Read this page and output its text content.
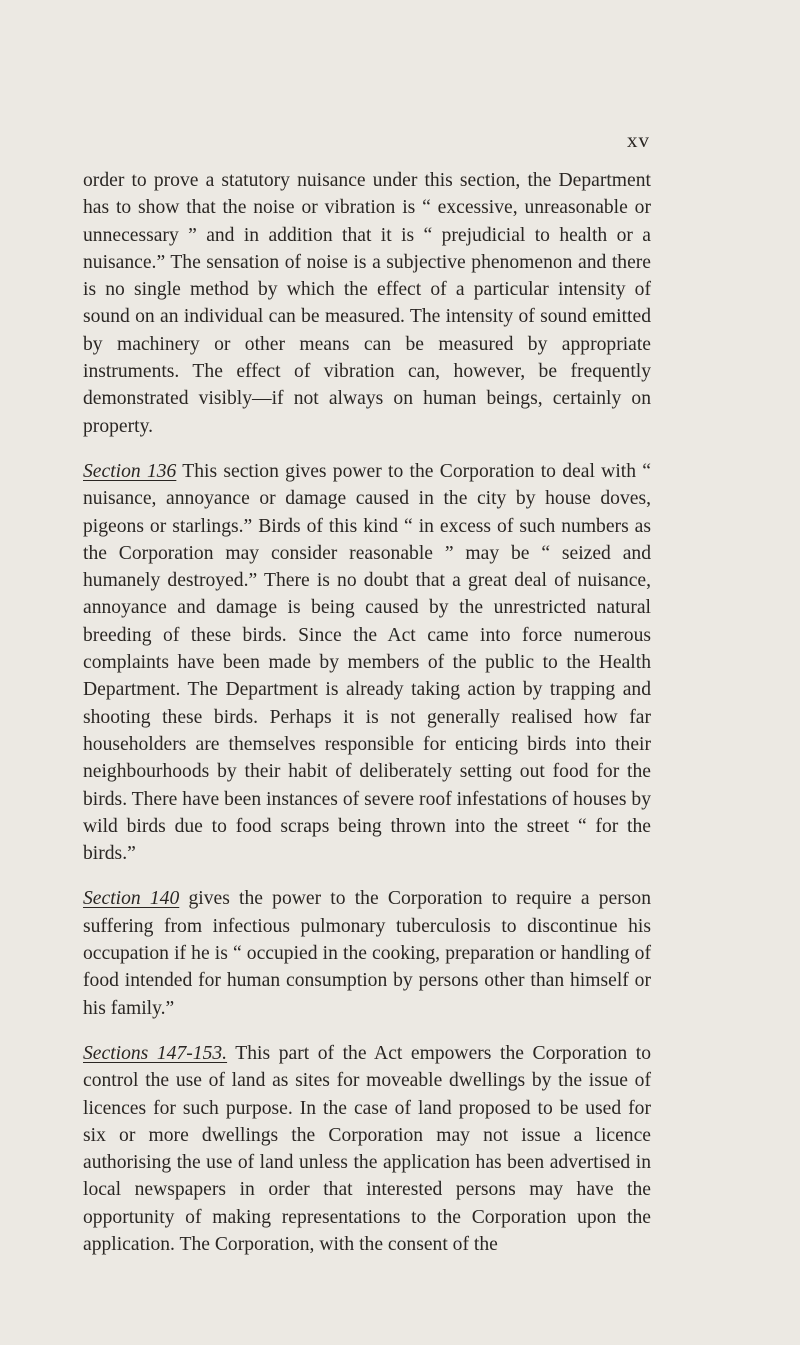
xv

order to prove a statutory nuisance under this section, the Department has to show that the noise or vibration is “ excessive, unreasonable or unnecessary ” and in addition that it is “ prejudicial to health or a nuisance.” The sensation of noise is a subjective phenomenon and there is no single method by which the effect of a particular intensity of sound on an individual can be measured. The intensity of sound emitted by machinery or other means can be measured by appropriate instruments. The effect of vibration can, however, be frequently demonstrated visibly—if not always on human beings, certainly on property.

Section 136 This section gives power to the Corporation to deal with “ nuisance, annoyance or damage caused in the city by house doves, pigeons or starlings.” Birds of this kind “ in excess of such numbers as the Corporation may consider reasonable ” may be “ seized and humanely destroyed.” There is no doubt that a great deal of nuisance, annoyance and damage is being caused by the unrestricted natural breeding of these birds. Since the Act came into force numerous complaints have been made by members of the public to the Health Department. The Department is already taking action by trapping and shooting these birds. Perhaps it is not generally realised how far householders are themselves responsible for enticing birds into their neighbourhoods by their habit of deliberately setting out food for the birds. There have been instances of severe roof infestations of houses by wild birds due to food scraps being thrown into the street “ for the birds.”

Section 140 gives the power to the Corporation to require a person suffering from infectious pulmonary tuberculosis to discontinue his occupation if he is “ occupied in the cooking, preparation or handling of food intended for human consumption by persons other than himself or his family.”

Sections 147-153. This part of the Act empowers the Corporation to control the use of land as sites for moveable dwellings by the issue of licences for such purpose. In the case of land proposed to be used for six or more dwellings the Corporation may not issue a licence authorising the use of land unless the application has been advertised in local newspapers in order that interested persons may have the opportunity of making representations to the Corporation upon the application. The Corporation, with the consent of the
